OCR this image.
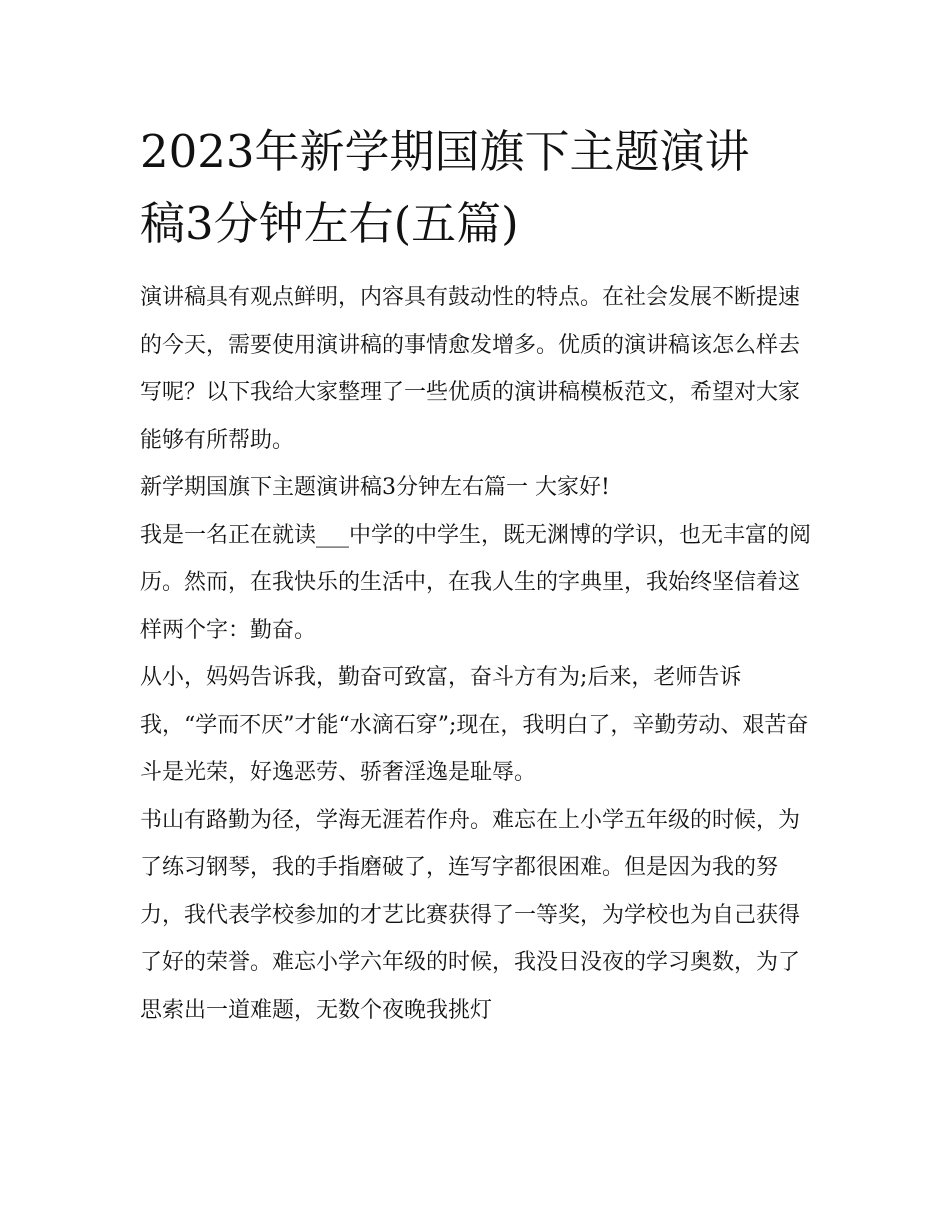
2023年新学期国旗下主题演讲
稿3分钟左右(五篇)

演讲稿具有观点鲜明，内容具有鼓动性的特点。在社会发展不断提速的今天，需要使用演讲稿的事情愈发增多。优质的演讲稿该怎么样去写呢？以下我给大家整理了一些优质的演讲稿模板范文，希望对大家能够有所帮助。

新学期国旗下主题演讲稿3分钟左右篇一 大家好!

我是一名正在就读___中学的中学生，既无渊博的学识，也无丰富的阅历。然而，在我快乐的生活中，在我人生的字典里，我始终坚信着这样两个字：勤奋。

从小，妈妈告诉我，勤奋可致富，奋斗方有为;后来，老师告诉我，“学而不厌”才能“水滴石穿”;现在，我明白了，辛勤劳动、艰苦奋斗是光荣，好逸恶劳、骄奢淫逸是耻辱。

书山有路勤为径，学海无涯若作舟。难忘在上小学五年级的时候，为了练习钢琴，我的手指磨破了，连写字都很困难。但是因为我的努力，我代表学校参加的才艺比赛获得了一等奖，为学校也为自己获得了好的荣誉。难忘小学六年级的时候，我没日没夜的学习奥数，为了思索出一道难题，无数个夜晚我挑灯
